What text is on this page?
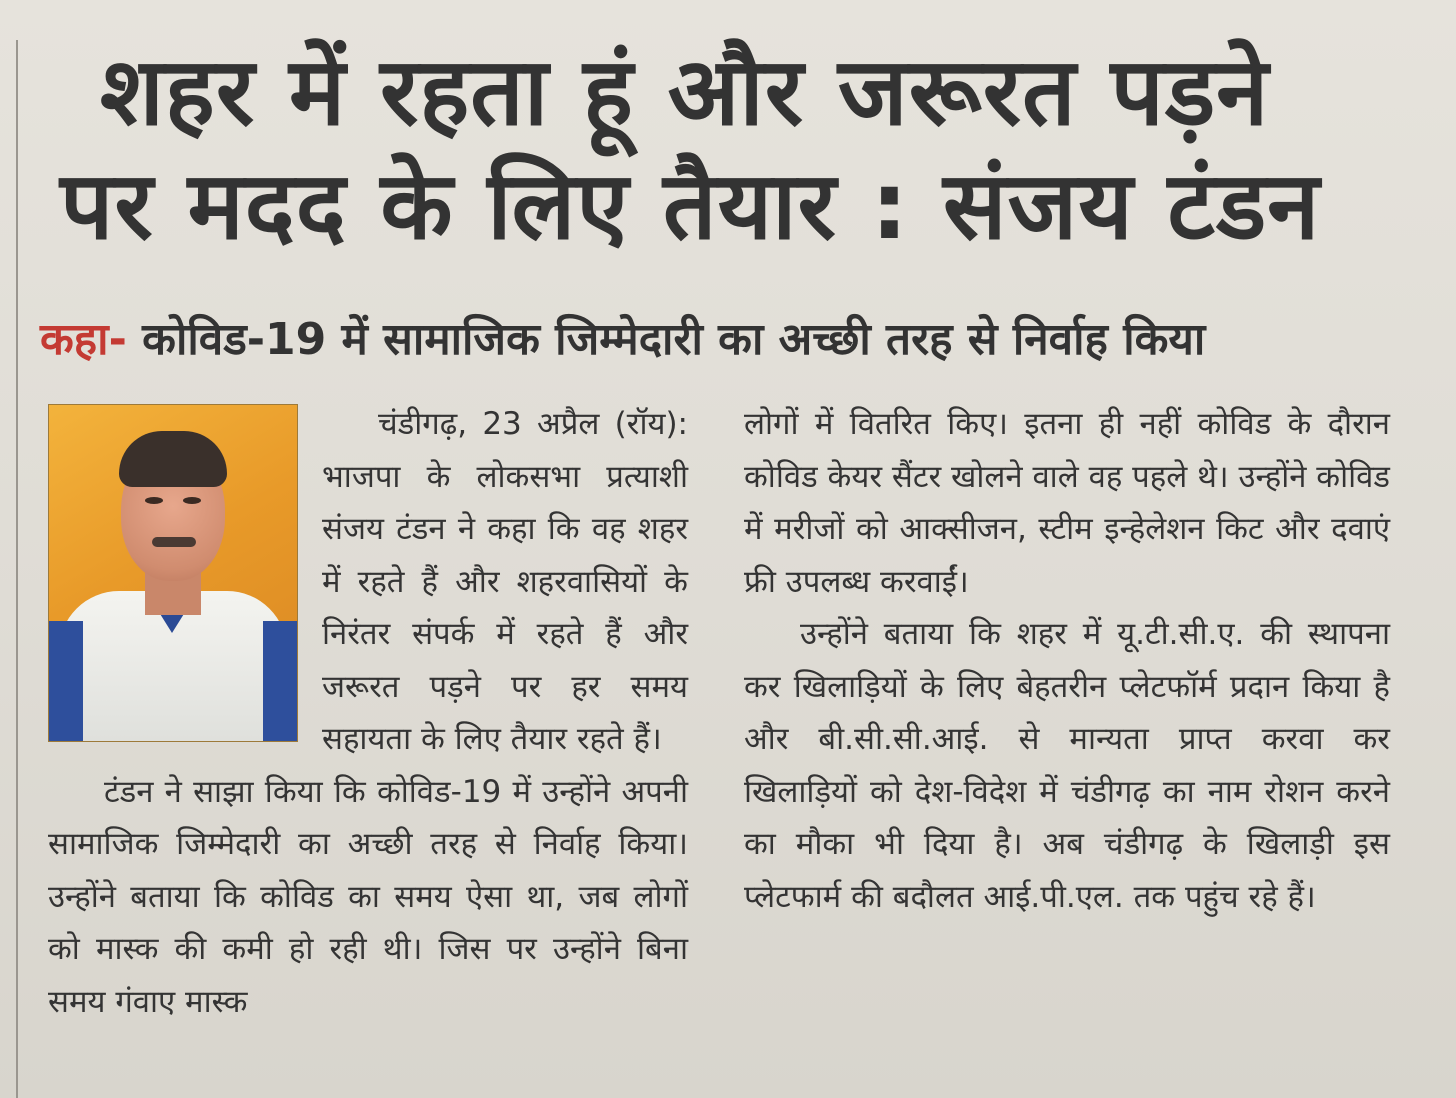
शहर में रहता हूं और जरूरत पड़ने
पर मदद के लिए तैयार : संजय टंडन
कहा- कोविड-19 में सामाजिक जिम्मेदारी का अच्छी तरह से निर्वाह किया

चंडीगढ़, 23 अप्रैल (रॉय): भाजपा के लोकसभा प्रत्याशी संजय टंडन ने कहा कि वह शहर में रहते हैं और शहरवासियों के निरंतर संपर्क में रहते हैं और जरूरत पड़ने पर हर समय सहायता के लिए तैयार रहते हैं।

टंडन ने साझा किया कि कोविड-19 में उन्होंने अपनी सामाजिक जिम्मेदारी का अच्छी तरह से निर्वाह किया। उन्होंने बताया कि कोविड का समय ऐसा था, जब लोगों को मास्क की कमी हो रही थी। जिस पर उन्होंने बिना समय गंवाए मास्क

लोगों में वितरित किए। इतना ही नहीं कोविड के दौरान कोविड केयर सैंटर खोलने वाले वह पहले थे। उन्होंने कोविड में मरीजों को आक्सीजन, स्टीम इन्हेलेशन किट और दवाएं फ्री उपलब्ध करवाईं।

उन्होंने बताया कि शहर में यू.टी.सी.ए. की स्थापना कर खिलाड़ियों के लिए बेहतरीन प्लेटफॉर्म प्रदान किया है और बी.सी.सी.आई. से मान्यता प्राप्त करवा कर खिलाड़ियों को देश-विदेश में चंडीगढ़ का नाम रोशन करने का मौका भी दिया है। अब चंडीगढ़ के खिलाड़ी इस प्लेटफार्म की बदौलत आई.पी.एल. तक पहुंच रहे हैं।
